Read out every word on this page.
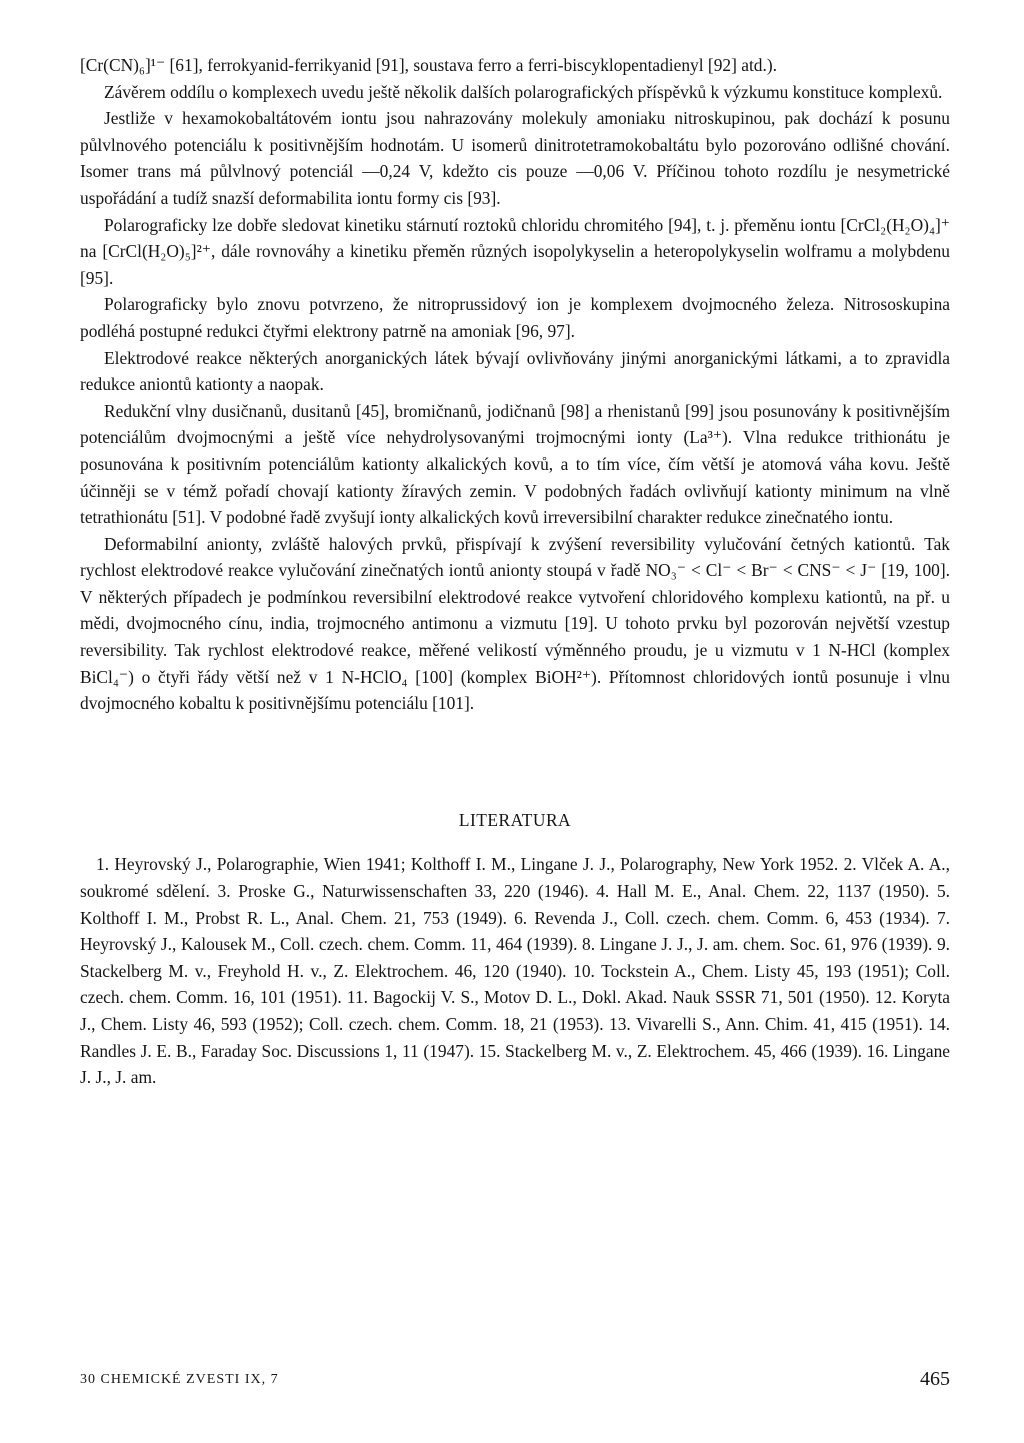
[Cr(CN)₆]¹⁻ [61], ferrokyanid-ferrikyanid [91], soustava ferro a ferri-biscyklopentadienyl [92] atd.).

Závěrem oddílu o komplexech uvedu ještě několik dalších polarografických příspěvků k výzkumu konstituce komplexů.

Jestliže v hexamokobaltátovém iontu jsou nahrazovány molekuly amoniaku nitroskupinou, pak dochází k posunu půlvlnového potenciálu k positivnějším hodnotám. U isomerů dinitrotetramokobaltátu bylo pozorováno odlišné chování. Isomer trans má půlvlnový potenciál —0,24 V, kdežto cis pouze —0,06 V. Příčinou tohoto rozdílu je nesymetrické uspořádání a tudíž snazší deformabilita iontu formy cis [93].

Polarograficky lze dobře sledovat kinetiku stárnutí roztoků chloridu chromitého [94], t. j. přeměnu iontu [CrCl₂(H₂O)₄]⁺ na [CrCl(H₂O)₅]²⁺, dále rovnováhy a kinetiku přeměn různých isopolykyselin a heteropolykyselin wolframu a molybdenu [95].

Polarograficky bylo znovu potvrzeno, že nitroprussidový ion je komplexem dvojmocného železa. Nitrososkupina podléhá postupné redukci čtyřmi elektrony patrně na amoniak [96, 97].

Elektrodové reakce některých anorganických látek bývají ovlivňovány jinými anorganickými látkami, a to zpravidla redukce aniontů kationty a naopak.

Redukční vlny dusičnanů, dusitanů [45], bromičnanů, jodičnanů [98] a rhenistanů [99] jsou posunovány k positivnějším potenciálům dvojmocnými a ještě více nehydrolysovanými trojmocnými ionty (La³⁺). Vlna redukce trithionátu je posunována k positivním potenciálům kationty alkalických kovů, a to tím více, čím větší je atomová váha kovu. Ještě účinněji se v témž pořadí chovají kationty žíravých zemin. V podobných řadách ovlivňují kationty minimum na vlně tetrathionátu [51]. V podobné řadě zvyšují ionty alkalických kovů irreversibilní charakter redukce zinečnatého iontu.

Deformabilní anionty, zvláště halových prvků, přispívají k zvýšení reversibility vylučování četných kationtů. Tak rychlost elektrodové reakce vylučování zinečnatých iontů anionty stoupá v řadě NO₃⁻ < Cl⁻ < Br⁻ < CNS⁻ < J⁻ [19, 100]. V některých případech je podmínkou reversibilní elektrodové reakce vytvoření chloridového komplexu kationtů, na př. u mědi, dvojmocného cínu, india, trojmocného antimonu a vizmutu [19]. U tohoto prvku byl pozorován největší vzestup reversibility. Tak rychlost elektrodové reakce, měřené velikostí výměnného proudu, je u vizmutu v 1 N-HCl (komplex BiCl₄⁻) o čtyři řády větší než v 1 N-HClO₄ [100] (komplex BiOH²⁺). Přítomnost chloridových iontů posunuje i vlnu dvojmocného kobaltu k positivnějšímu potenciálu [101].

LITERATURA

1. Heyrovský J., Polarographie, Wien 1941; Kolthoff I. M., Lingane J. J., Polarography, New York 1952. 2. Vlček A. A., soukromé sdělení. 3. Proske G., Naturwissenschaften 33, 220 (1946). 4. Hall M. E., Anal. Chem. 22, 1137 (1950). 5. Kolthoff I. M., Probst R. L., Anal. Chem. 21, 753 (1949). 6. Revenda J., Coll. czech. chem. Comm. 6, 453 (1934). 7. Heyrovský J., Kalousek M., Coll. czech. chem. Comm. 11, 464 (1939). 8. Lingane J. J., J. am. chem. Soc. 61, 976 (1939). 9. Stackelberg M. v., Freyhold H. v., Z. Elektrochem. 46, 120 (1940). 10. Tockstein A., Chem. Listy 45, 193 (1951); Coll. czech. chem. Comm. 16, 101 (1951). 11. Bagockij V. S., Motov D. L., Dokl. Akad. Nauk SSSR 71, 501 (1950). 12. Koryta J., Chem. Listy 46, 593 (1952); Coll. czech. chem. Comm. 18, 21 (1953). 13. Vivarelli S., Ann. Chim. 41, 415 (1951). 14. Randles J. E. B., Faraday Soc. Discussions 1, 11 (1947). 15. Stackelberg M. v., Z. Elektrochem. 45, 466 (1939). 16. Lingane J. J., J. am.

30 CHEMICKÉ ZVESTI IX, 7	465
